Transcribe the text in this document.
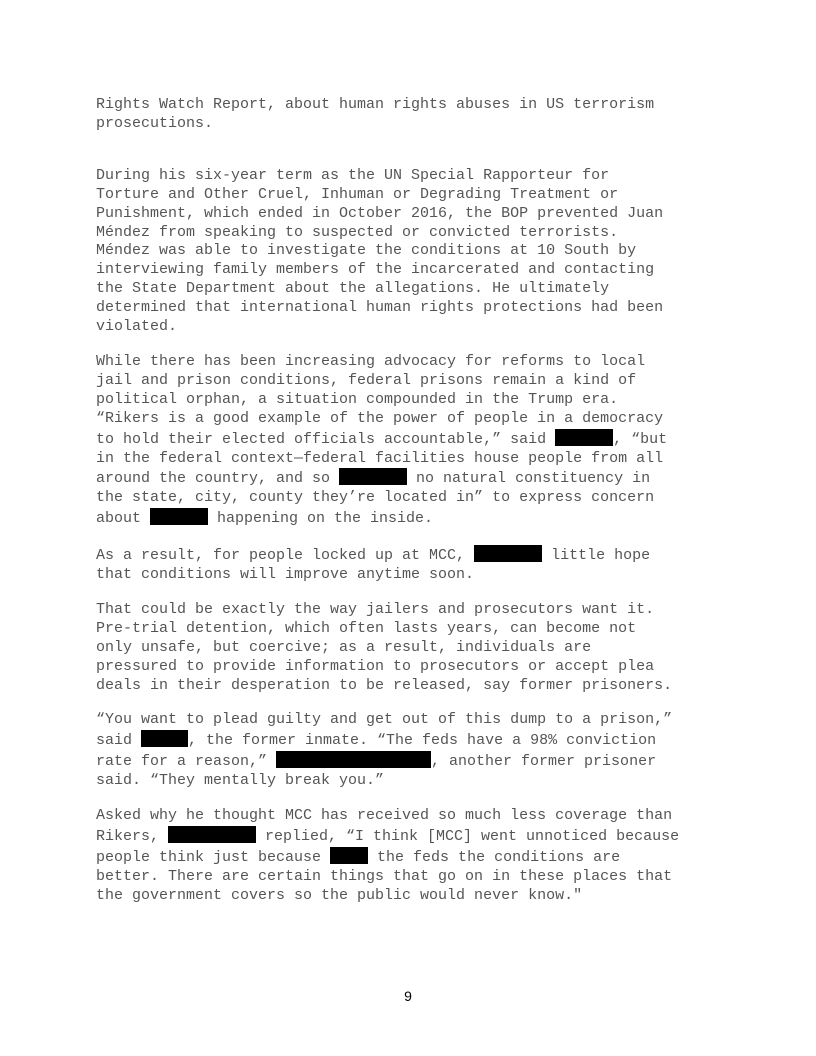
Rights Watch Report, about human rights abuses in US terrorism
prosecutions.
During his six-year term as the UN Special Rapporteur for
Torture and Other Cruel, Inhuman or Degrading Treatment or
Punishment, which ended in October 2016, the BOP prevented Juan
Méndez from speaking to suspected or convicted terrorists.
Méndez was able to investigate the conditions at 10 South by
interviewing family members of the incarcerated and contacting
the State Department about the allegations. He ultimately
determined that international human rights protections had been
violated.
While there has been increasing advocacy for reforms to local
jail and prison conditions, federal prisons remain a kind of
political orphan, a situation compounded in the Trump era.
“Rikers is a good example of the power of people in a democracy
to hold their elected officials accountable,” said	, “but
in the federal context—federal facilities house people from all
around the country, and so	no natural constituency in
the state, city, county they’re located in” to express concern
about	happening on the inside.
As a result, for people locked up at MCC,	little hope
that conditions will improve anytime soon.
That could be exactly the way jailers and prosecutors want it.
Pre-trial detention, which often lasts years, can become not
only unsafe, but coercive; as a result, individuals are
pressured to provide information to prosecutors or accept plea
deals in their desperation to be released, say former prisoners.
“You want to plead guilty and get out of this dump to a prison,”
said	, the former inmate. “The feds have a 98% conviction
rate for a reason,”	, another former prisoner
said. “They mentally break you.”
Asked why he thought MCC has received so much less coverage than
Rikers,	replied, “I think [MCC] went unnoticed because
people think just because	the feds the conditions are
better. There are certain things that go on in these places that
the government covers so the public would never know."
9
